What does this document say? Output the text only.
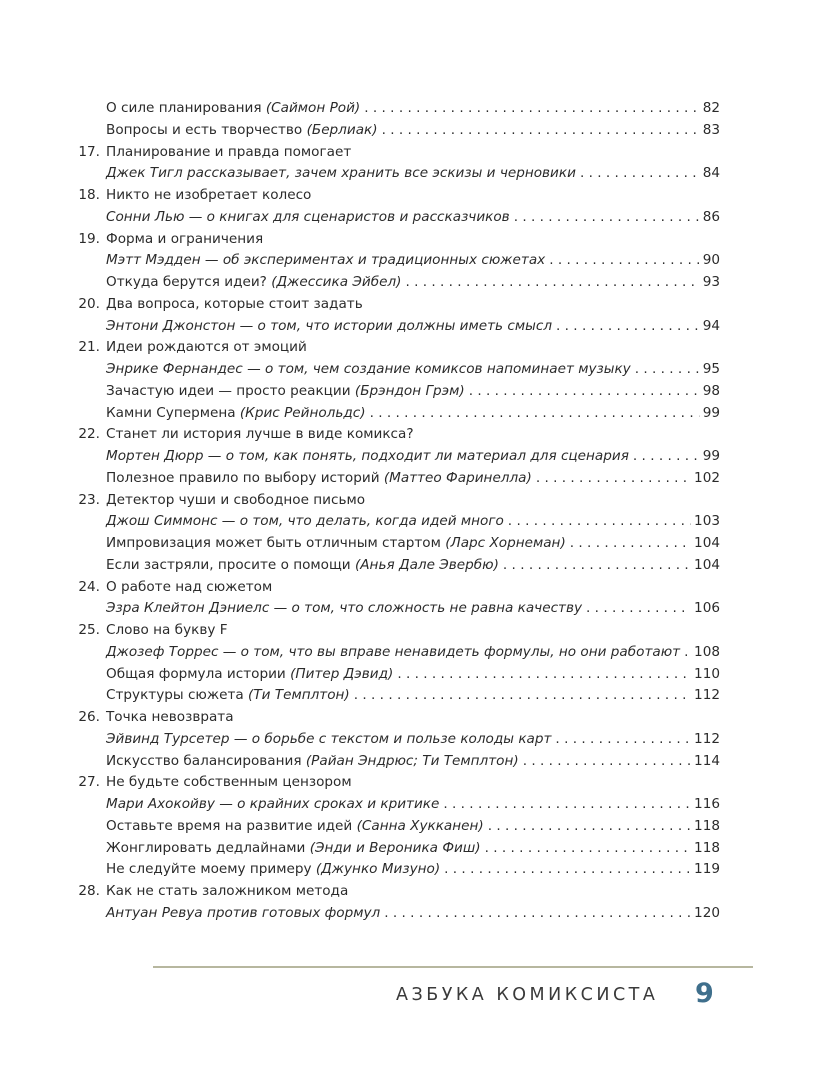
О силе планирования (Саймон Рой) . . .	82
Вопросы и есть творчество (Берлиак) . . .	83
17. Планирование и правда помогает
Джек Тигл рассказывает, зачем хранить все эскизы и черновики . . .	84
18. Никто не изобретает колесо
Сонни Лью — о книгах для сценаристов и рассказчиков . . .	86
19. Форма и ограничения
Мэтт Мэдден — об экспериментах и традиционных сюжетах . . .	90
Откуда берутся идеи? (Джессика Эйбел) . . .	93
20. Два вопроса, которые стоит задать
Энтони Джонстон — о том, что истории должны иметь смысл . . .	94
21. Идеи рождаются от эмоций
Энрике Фернандес — о том, чем создание комиксов напоминает музыку . . .	95
Зачастую идеи — просто реакции (Брэндон Грэм) . . .	98
Камни Супермена (Крис Рейнольдс) . . .	99
22. Станет ли история лучше в виде комикса?
Мортен Дюрр — о том, как понять, подходит ли материал для сценария . . .	99
Полезное правило по выбору историй (Маттео Фаринелла) . . .	102
23. Детектор чуши и свободное письмо
Джош Симмонс — о том, что делать, когда идей много . . .	103
Импровизация может быть отличным стартом (Ларс Хорнеман) . . .	104
Если застряли, просите о помощи (Анья Дале Эвербю) . . .	104
24. О работе над сюжетом
Эзра Клейтон Дэниелс — о том, что сложность не равна качеству . . .	106
25. Слово на букву F
Джозеф Торрес — о том, что вы вправе ненавидеть формулы, но они работают . . . 108
Общая формула истории (Питер Дэвид) . . .	110
Структуры сюжета (Ти Темплтон) . . .	112
26. Точка невозврата
Эйвинд Турсетер — о борьбе с текстом и пользе колоды карт . . .	112
Искусство балансирования (Райан Эндрюс; Ти Темплтон) . . .	114
27. Не будьте собственным цензором
Мари Ахокойву — о крайних сроках и критике . . .	116
Оставьте время на развитие идей (Санна Хукканен) . . .	118
Жонглировать дедлайнами (Энди и Вероника Фиш) . . .	118
Не следуйте моему примеру (Джунко Мизуно) . . .	119
28. Как не стать заложником метода
Антуан Ревуа против готовых формул . . .	120
АЗБУКА КОМИКСИСТА 9
